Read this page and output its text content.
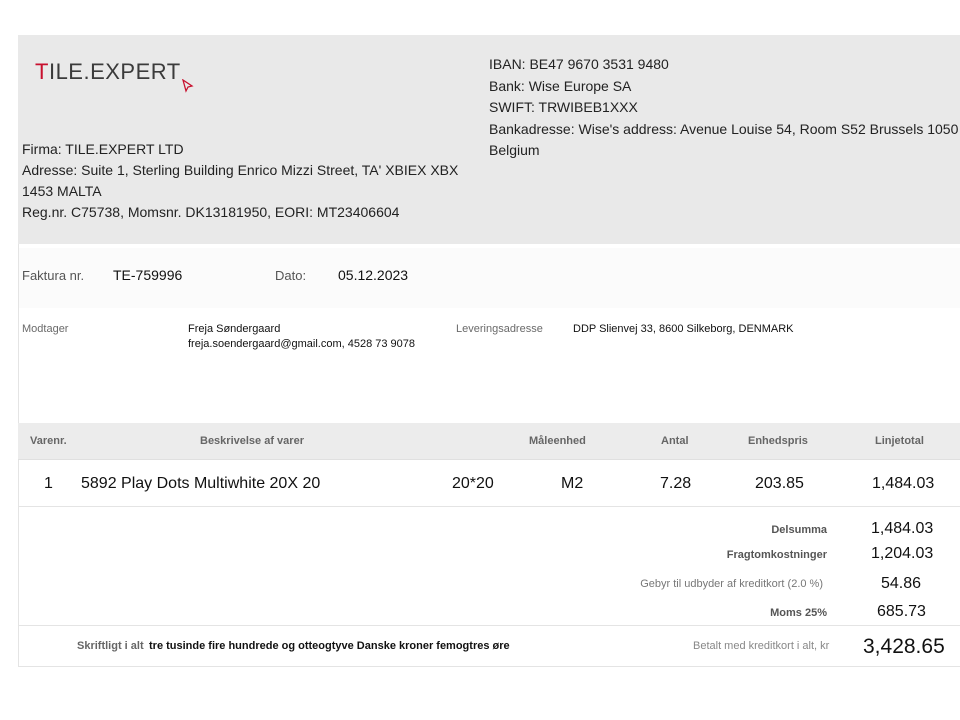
TILE.EXPERT
Firma: TILE.EXPERT LTD
Adresse: Suite 1, Sterling Building Enrico Mizzi Street, TA' XBIEX XBX 1453 MALTA
Reg.nr. C75738, Momsnr. DK13181950, EORI: MT23406604
IBAN: BE47 9670 3531 9480
Bank: Wise Europe SA
SWIFT: TRWIBEB1XXX
Bankadresse: Wise's address: Avenue Louise 54, Room S52 Brussels 1050 Belgium
Faktura nr. TE-759996	Dato: 05.12.2023
Modtager	Freja Søndergaard
freja.soendergaard@gmail.com, 4528 73 9078
Leveringsadresse	DDP Slienvej 33, 8600 Silkeborg, DENMARK
Varenr.	Beskrivelse af varer	Måleenhed	Antal	Enhedspris	Linjetotal
1 5892 Play Dots Multiwhite 20X 20	20*20	M2	7.28	203.85	1,484.03
Delsumma	1,484.03
Fragtomkostninger	1,204.03
Gebyr til udbyder af kreditkort (2.0 %)	54.86
Moms 25%	685.73
Skriftligt i alt tre tusinde fire hundrede og otteogtyve Danske kroner femogtres øre	Betalt med kreditkort i alt, kr 3,428.65
